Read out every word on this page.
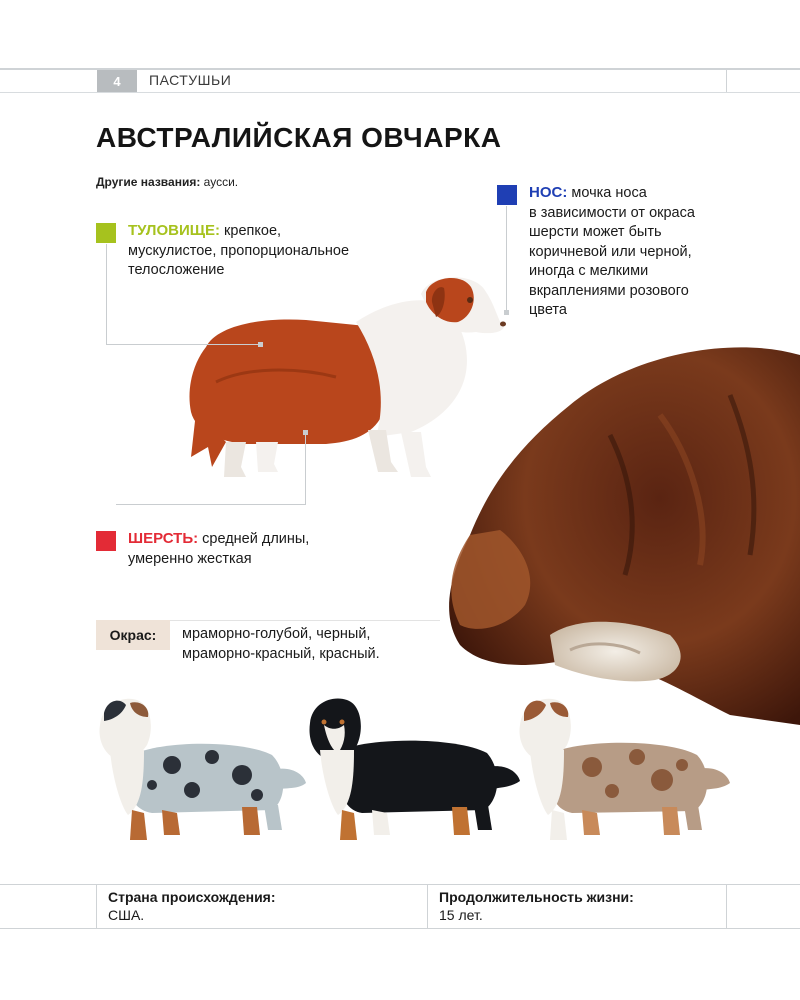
4 ПАСТУШЬИ
АВСТРАЛИЙСКАЯ ОВЧАРКА
Другие названия: аусси.
ТУЛОВИЩЕ: крепкое,
мускулистое, пропорциональное
телосложение
НОС: мочка носа
в зависимости от окраса
шерсти может быть
коричневой или черной,
иногда с мелкими
вкраплениями розового
цвета
ШЕРСТЬ: средней длины,
умеренно жесткая
Окрас: мраморно-голубой, черный,
мраморно-красный, красный.
Страна происхождения:
США.
Продолжительность жизни:
15 лет.
